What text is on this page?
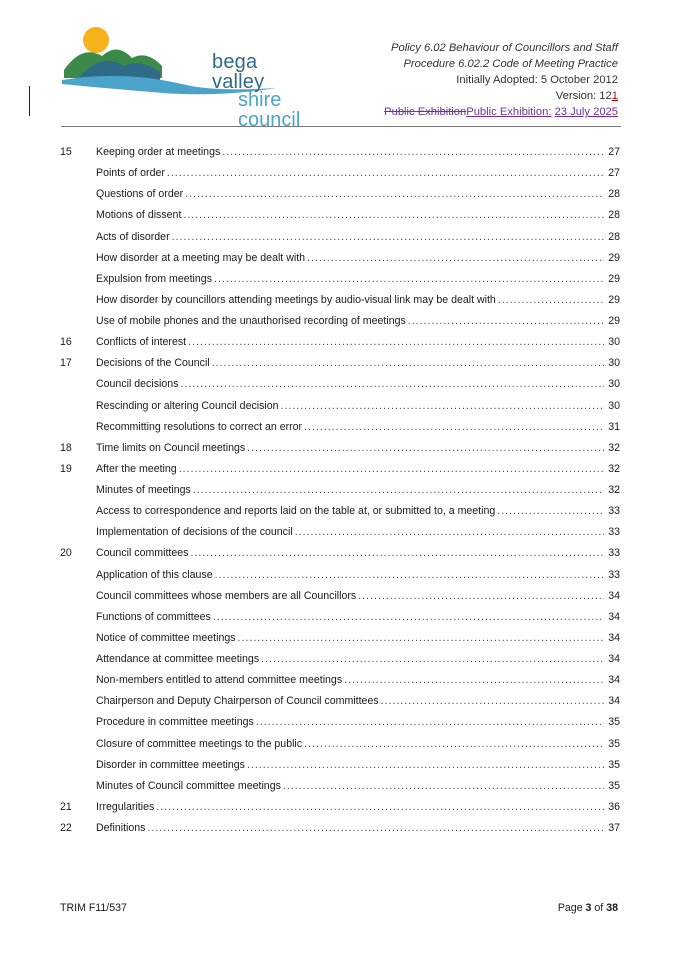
bega valley
shire council
Policy 6.02 Behaviour of Councillors and Staff
Procedure 6.02.2 Code of Meeting Practice
Initially Adopted: 5 October 2012
Version: 121
Public ExhibitionPublic Exhibition: 23 July 2025
15	Keeping order at meetings .....	27
Points of order .....	27
Questions of order .....	28
Motions of dissent .....	28
Acts of disorder .....	28
How disorder at a meeting may be dealt with .....	29
Expulsion from meetings .....	29
How disorder by councillors attending meetings by audio-visual link may be dealt with .....	29
Use of mobile phones and the unauthorised recording of meetings .....	29
16	Conflicts of interest .....	30
17	Decisions of the Council .....	30
Council decisions .....	30
Rescinding or altering Council decision .....	30
Recommitting resolutions to correct an error .....	31
18	Time limits on Council meetings .....	32
19	After the meeting .....	32
Minutes of meetings .....	32
Access to correspondence and reports laid on the table at, or submitted to, a meeting .....	33
Implementation of decisions of the council .....	33
20	Council committees .....	33
Application of this clause .....	33
Council committees whose members are all Councillors .....	34
Functions of committees .....	34
Notice of committee meetings .....	34
Attendance at committee meetings .....	34
Non-members entitled to attend committee meetings .....	34
Chairperson and Deputy Chairperson of Council committees .....	34
Procedure in committee meetings .....	35
Closure of committee meetings to the public .....	35
Disorder in committee meetings .....	35
Minutes of Council committee meetings .....	35
21	Irregularities .....	36
22	Definitions .....	37
TRIM F11/537	Page 3 of 38
